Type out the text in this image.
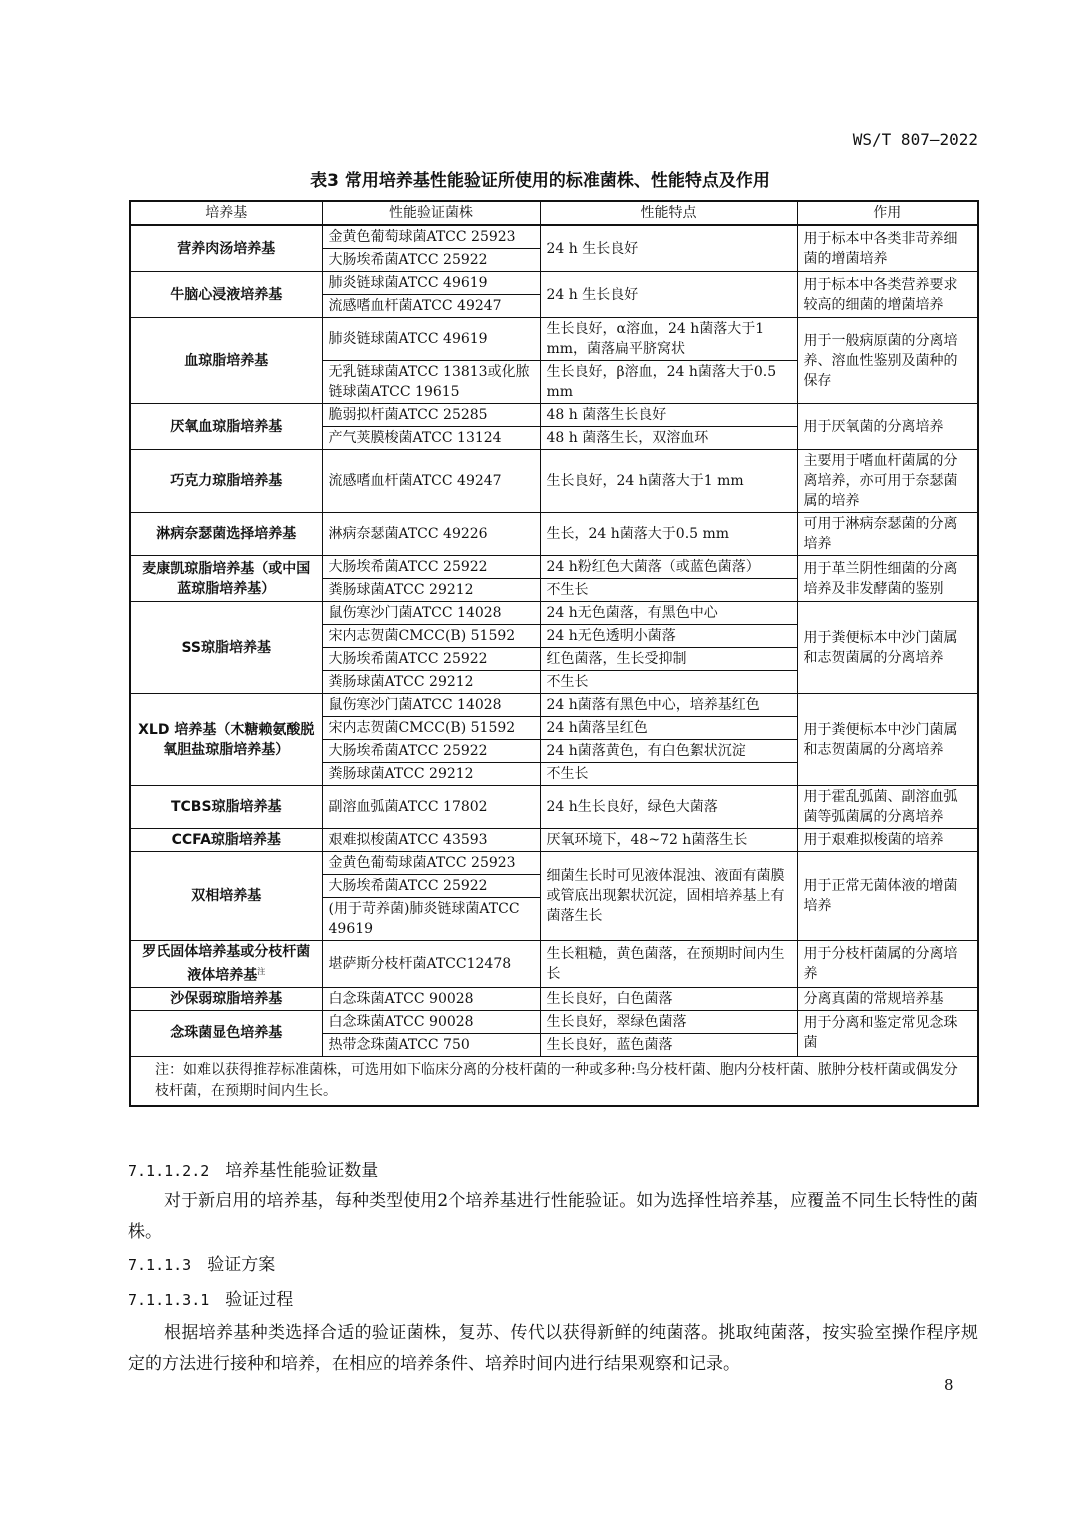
WS/T 807—2022
表3 常用培养基性能验证所使用的标准菌株、性能特点及作用
培养基	性能验证菌株	性能特点	作用
营养肉汤培养基	金黄色葡萄球菌ATCC 25923	24 h 生长良好	用于标本中各类非苛养细菌的增菌培养
	大肠埃希菌ATCC 25922		
牛脑心浸液培养基	肺炎链球菌ATCC 49619	24 h 生长良好	用于标本中各类营养要求较高的细菌的增菌培养
	流感嗜血杆菌ATCC 49247		
血琼脂培养基	肺炎链球菌ATCC 49619	生长良好，α溶血，24 h菌落大于1 mm，菌落扁平脐窝状	用于一般病原菌的分离培养、溶血性鉴别及菌种的保存
	无乳链球菌ATCC 13813或化脓链球菌ATCC 19615	生长良好，β溶血，24 h菌落大于0.5 mm	
厌氧血琼脂培养基	脆弱拟杆菌ATCC 25285	48 h 菌落生长良好	用于厌氧菌的分离培养
	产气荚膜梭菌ATCC 13124	48 h 菌落生长，双溶血环	
巧克力琼脂培养基	流感嗜血杆菌ATCC 49247	生长良好，24 h菌落大于1 mm	主要用于嗜血杆菌属的分离培养，亦可用于奈瑟菌属的培养
淋病奈瑟菌选择培养基	淋病奈瑟菌ATCC 49226	生长，24 h菌落大于0.5 mm	可用于淋病奈瑟菌的分离培养
麦康凯琼脂培养基（或中国蓝琼脂培养基）	大肠埃希菌ATCC 25922	24 h粉红色大菌落（或蓝色菌落）	用于革兰阴性细菌的分离培养及非发酵菌的鉴别
	粪肠球菌ATCC 29212	不生长	
SS琼脂培养基	鼠伤寒沙门菌ATCC 14028	24 h无色菌落，有黑色中心	用于粪便标本中沙门菌属和志贺菌属的分离培养
	宋内志贺菌CMCC(B) 51592	24 h无色透明小菌落	
	大肠埃希菌ATCC 25922	红色菌落，生长受抑制	
	粪肠球菌ATCC 29212	不生长	
XLD 培养基（木糖赖氨酸脱氧胆盐琼脂培养基）	鼠伤寒沙门菌ATCC 14028	24 h菌落有黑色中心，培养基红色	用于粪便标本中沙门菌属和志贺菌属的分离培养
	宋内志贺菌CMCC(B) 51592	24 h菌落呈红色	
	大肠埃希菌ATCC 25922	24 h菌落黄色，有白色絮状沉淀	
	粪肠球菌ATCC 29212	不生长	
TCBS琼脂培养基	副溶血弧菌ATCC 17802	24 h生长良好，绿色大菌落	用于霍乱弧菌、副溶血弧菌等弧菌属的分离培养
CCFA琼脂培养基	艰难拟梭菌ATCC 43593	厌氧环境下，48~72 h菌落生长	用于艰难拟梭菌的培养
双相培养基	金黄色葡萄球菌ATCC 25923	细菌生长时可见液体混浊、液面有菌膜或管底出现絮状沉淀，固相培养基上有菌落生长	用于正常无菌体液的增菌培养
	大肠埃希菌ATCC 25922		
	(用于苛养菌)肺炎链球菌ATCC 49619		
罗氏固体培养基或分枝杆菌液体培养基$^注$	堪萨斯分枝杆菌ATCC12478	生长粗糙，黄色菌落，在预期时间内生长	用于分枝杆菌属的分离培养
沙保弱琼脂培养基	白念珠菌ATCC 90028	生长良好，白色菌落	分离真菌的常规培养基
念珠菌显色培养基	白念珠菌ATCC 90028	生长良好，翠绿色菌落	用于分离和鉴定常见念珠菌
	热带念珠菌ATCC 750	生长良好，蓝色菌落	
注：如难以获得推荐标准菌株，可选用如下临床分离的分枝杆菌的一种或多种:鸟分枝杆菌、胞内分枝杆菌、脓肿分枝杆菌或偶发分枝杆菌，在预期时间内生长。			
7.1.1.2.2 培养基性能验证数量
对于新启用的培养基，每种类型使用2个培养基进行性能验证。如为选择性培养基，应覆盖不同生长特性的菌株。
7.1.1.3 验证方案
7.1.1.3.1 验证过程
根据培养基种类选择合适的验证菌株，复苏、传代以获得新鲜的纯菌落。挑取纯菌落，按实验室操作程序规定的方法进行接种和培养，在相应的培养条件、培养时间内进行结果观察和记录。
8
